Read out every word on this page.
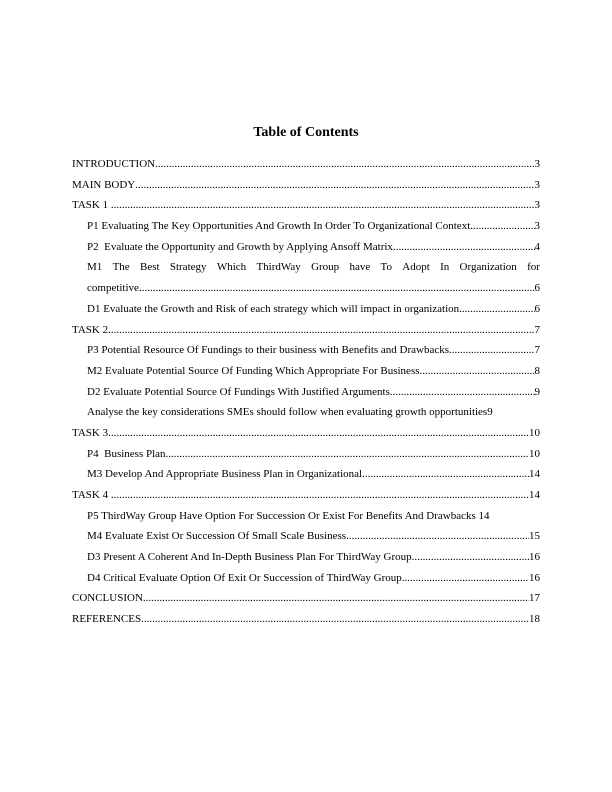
Table of Contents
INTRODUCTION .....	3
MAIN BODY .....	3
TASK 1 .....	3
P1 Evaluating The Key Opportunities And Growth In Order To Organizational Context .....	3
P2  Evaluate the Opportunity and Growth by Applying Ansoff Matrix .....	4
M1 The Best Strategy Which ThirdWay Group have To Adopt In Organization for
competitive .....	6
D1 Evaluate the Growth and Risk of each strategy which will impact in organization .....	6
TASK 2 .....	7
P3 Potential Resource Of Fundings to their business with Benefits and Drawbacks .....	7
M2 Evaluate Potential Source Of Funding Which Appropriate For Business .....	8
D2 Evaluate Potential Source Of Fundings With Justified Arguments .....	9
Analyse the key considerations SMEs should follow when evaluating growth opportunities 9
TASK 3 .....	10
P4  Business Plan .....	10
M3 Develop And Appropriate Business Plan in Organizational .....	14
TASK 4 .....	14
P5 ThirdWay Group Have Option For Succession Or Exist For Benefits And Drawbacks 14
M4 Evaluate Exist Or Succession Of Small Scale Business .....	15
D3 Present A Coherent And In-Depth Business Plan For ThirdWay Group .....	16
D4 Critical Evaluate Option Of Exit Or Succession of ThirdWay Group .....	16
CONCLUSION .....	17
REFERENCES .....	18
